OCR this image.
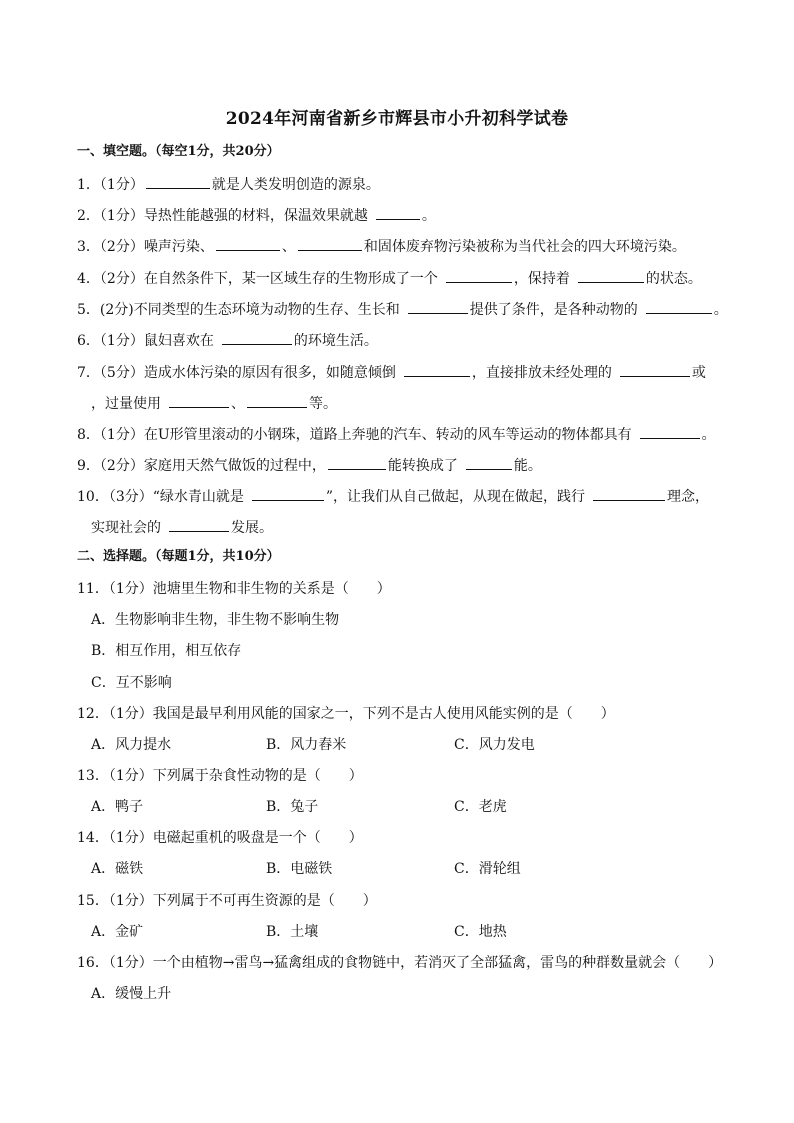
2024年河南省新乡市辉县市小升初科学试卷
一、填空题。（每空1分，共20分）
1．（1分）	就是人类发明创造的源泉。
2．（1分）导热性能越强的材料，保温效果就越	。
3．（2分）噪声污染、	、	和固体废弃物污染被称为当代社会的四大环境污染。
4．（2分）在自然条件下，某一区域生存的生物形成了一个	，保持着	的状态。
5．(2分)不同类型的生态环境为动物的生存、生长和	提供了条件，是各种动物的	。
6．（1分）鼠妇喜欢在	的环境生活。
7．（5分）造成水体污染的原因有很多，如随意倾倒	，直接排放未经处理的	或
，过量使用	、	等。
8．（1分）在U形管里滚动的小钢珠，道路上奔驰的汽车、转动的风车等运动的物体都具有	。
9．（2分）家庭用天然气做饭的过程中，	能转换成了	能。
10．（3分）“绿水青山就是	”，让我们从自己做起，从现在做起，践行	理念，
实现社会的	发展。
二、选择题。（每题1分，共10分）
11．（1分）池塘里生物和非生物的关系是（　　）
A．生物影响非生物，非生物不影响生物
B．相互作用，相互依存
C．互不影响
12．（1分）我国是最早利用风能的国家之一，下列不是古人使用风能实例的是（　　）
A．风力提水	B．风力舂米	C．风力发电
13．（1分）下列属于杂食性动物的是（　　）
A．鸭子	B．兔子	C．老虎
14．（1分）电磁起重机的吸盘是一个（　　）
A．磁铁	B．电磁铁	C．滑轮组
15．（1分）下列属于不可再生资源的是（　　）
A．金矿	B．土壤	C．地热
16．（1分）一个由植物→雷鸟→猛禽组成的食物链中，若消灭了全部猛禽，雷鸟的种群数量就会（　　）
A．缓慢上升
